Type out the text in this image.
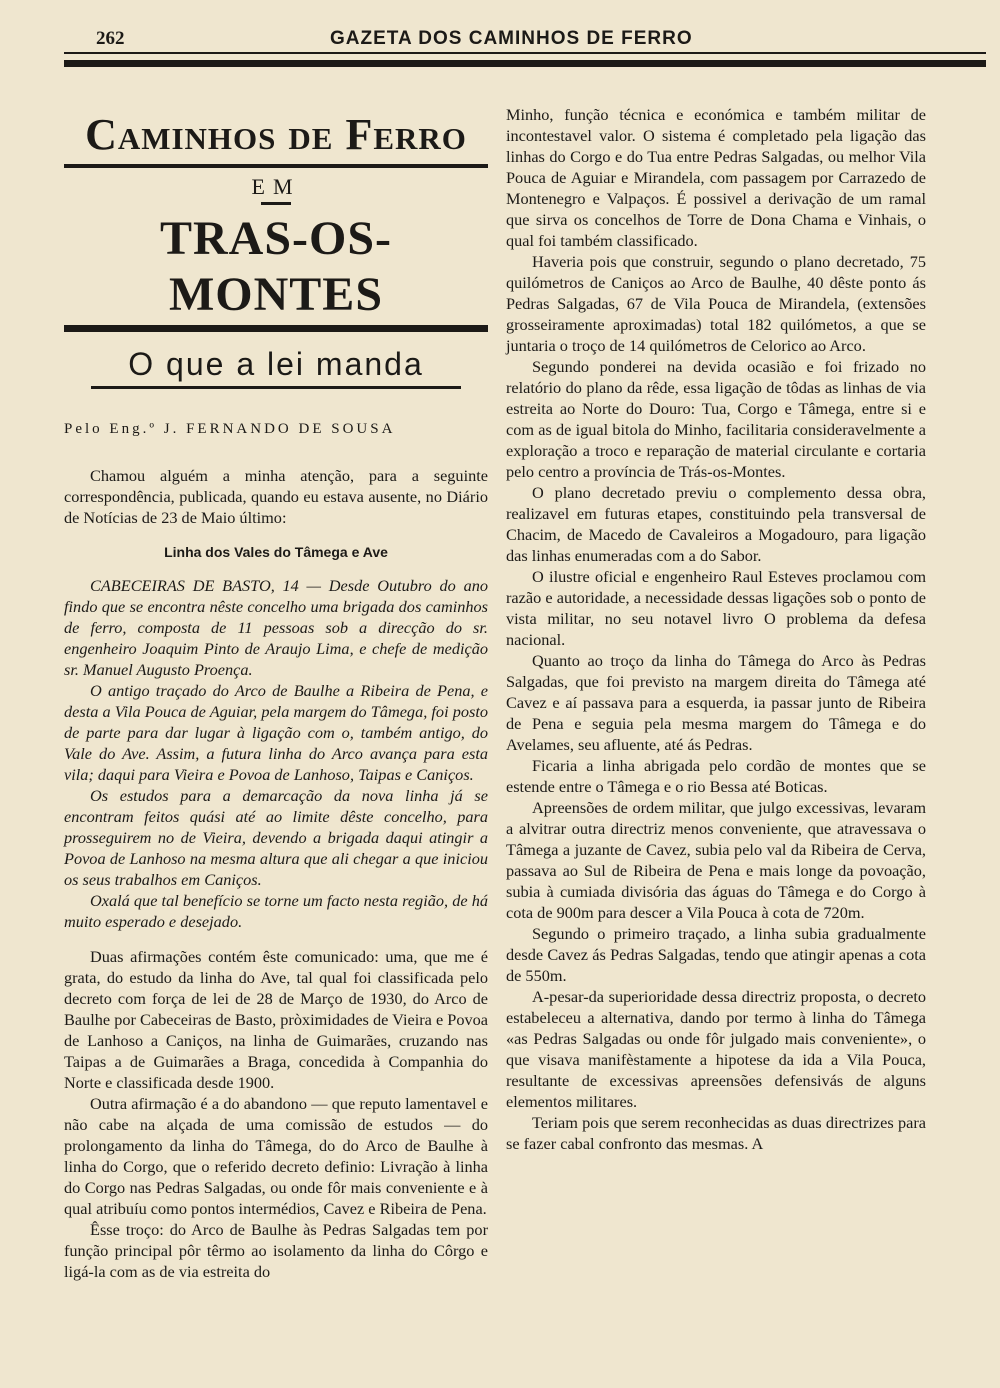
262	GAZETA DOS CAMINHOS DE FERRO
Caminhos de Ferro
EM
TRAS-OS-MONTES
O que a lei manda
Pelo Eng.º J. FERNANDO DE SOUSA

Chamou alguém a minha atenção, para a seguinte correspondência, publicada, quando eu estava ausente, no Diário de Notícias de 23 de Maio último:

Linha dos Vales do Tâmega e Ave

CABECEIRAS DE BASTO, 14 — Desde Outubro do ano findo que se encontra nêste concelho uma brigada dos caminhos de ferro, composta de 11 pessoas sob a direcção do sr. engenheiro Joaquim Pinto de Araujo Lima, e chefe de medição sr. Manuel Augusto Proença.

O antigo traçado do Arco de Baulhe a Ribeira de Pena, e desta a Vila Pouca de Aguiar, pela margem do Tâmega, foi posto de parte para dar lugar à ligação com o, também antigo, do Vale do Ave. Assim, a futura linha do Arco avança para esta vila; daqui para Vieira e Povoa de Lanhoso, Taipas e Caniços.

Os estudos para a demarcação da nova linha já se encontram feitos quási até ao limite dêste concelho, para prosseguirem no de Vieira, devendo a brigada daqui atingir a Povoa de Lanhoso na mesma altura que ali chegar a que iniciou os seus trabalhos em Caniços.

Oxalá que tal benefício se torne um facto nesta região, de há muito esperado e desejado.

Duas afirmações contém êste comunicado: uma, que me é grata, do estudo da linha do Ave, tal qual foi classificada pelo decreto com força de lei de 28 de Março de 1930, do Arco de Baulhe por Cabeceiras de Basto, pròximidades de Vieira e Povoa de Lanhoso a Caniços, na linha de Guimarães, cruzando nas Taipas a de Guimarães a Braga, concedida à Companhia do Norte e classificada desde 1900.

Outra afirmação é a do abandono — que reputo lamentavel e não cabe na alçada de uma comissão de estudos — do prolongamento da linha do Tâmega, do do Arco de Baulhe à linha do Corgo, que o referido decreto definio: Livração à linha do Corgo nas Pedras Salgadas, ou onde fôr mais conveniente e à qual atribuíu como pontos intermédios, Cavez e Ribeira de Pena.

Êsse troço: do Arco de Baulhe às Pedras Salgadas tem por função principal pôr têrmo ao isolamento da linha do Côrgo e ligá-la com as de via estreita do

Minho, função técnica e económica e também militar de incontestavel valor. O sistema é completado pela ligação das linhas do Corgo e do Tua entre Pedras Salgadas, ou melhor Vila Pouca de Aguiar e Mirandela, com passagem por Carrazedo de Montenegro e Valpaços. É possivel a derivação de um ramal que sirva os concelhos de Torre de Dona Chama e Vinhais, o qual foi também classificado.

Haveria pois que construir, segundo o plano decretado, 75 quilómetros de Caniços ao Arco de Baulhe, 40 dêste ponto ás Pedras Salgadas, 67 de Vila Pouca de Mirandela, (extensões grosseiramente aproximadas) total 182 quilómetos, a que se juntaria o troço de 14 quilómetros de Celorico ao Arco.

Segundo ponderei na devida ocasião e foi frizado no relatório do plano da rêde, essa ligação de tôdas as linhas de via estreita ao Norte do Douro: Tua, Corgo e Tâmega, entre si e com as de igual bitola do Minho, facilitaria consideravelmente a exploração a troco e reparação de material circulante e cortaria pelo centro a província de Trás-os-Montes.

O plano decretado previu o complemento dessa obra, realizavel em futuras etapes, constituindo pela transversal de Chacim, de Macedo de Cavaleiros a Mogadouro, para ligação das linhas enumeradas com a do Sabor.

O ilustre oficial e engenheiro Raul Esteves proclamou com razão e autoridade, a necessidade dessas ligações sob o ponto de vista militar, no seu notavel livro O problema da defesa nacional.

Quanto ao troço da linha do Tâmega do Arco às Pedras Salgadas, que foi previsto na margem direita do Tâmega até Cavez e aí passava para a esquerda, ia passar junto de Ribeira de Pena e seguia pela mesma margem do Tâmega e do Avelames, seu afluente, até ás Pedras.

Ficaria a linha abrigada pelo cordão de montes que se estende entre o Tâmega e o rio Bessa até Boticas.

Apreensões de ordem militar, que julgo excessivas, levaram a alvitrar outra directriz menos conveniente, que atravessava o Tâmega a juzante de Cavez, subia pelo val da Ribeira de Cerva, passava ao Sul de Ribeira de Pena e mais longe da povoação, subia à cumiada divisória das águas do Tâmega e do Corgo à cota de 900m para descer a Vila Pouca à cota de 720m.

Segundo o primeiro traçado, a linha subia gradualmente desde Cavez ás Pedras Salgadas, tendo que atingir apenas a cota de 550m.

A-pesar-da superioridade dessa directriz proposta, o decreto estabeleceu a alternativa, dando por termo à linha do Tâmega «as Pedras Salgadas ou onde fôr julgado mais conveniente», o que visava manifèstamente a hipotese da ida a Vila Pouca, resultante de excessivas apreensões defensivás de alguns elementos militares.

Teriam pois que serem reconhecidas as duas directrizes para se fazer cabal confronto das mesmas. A
